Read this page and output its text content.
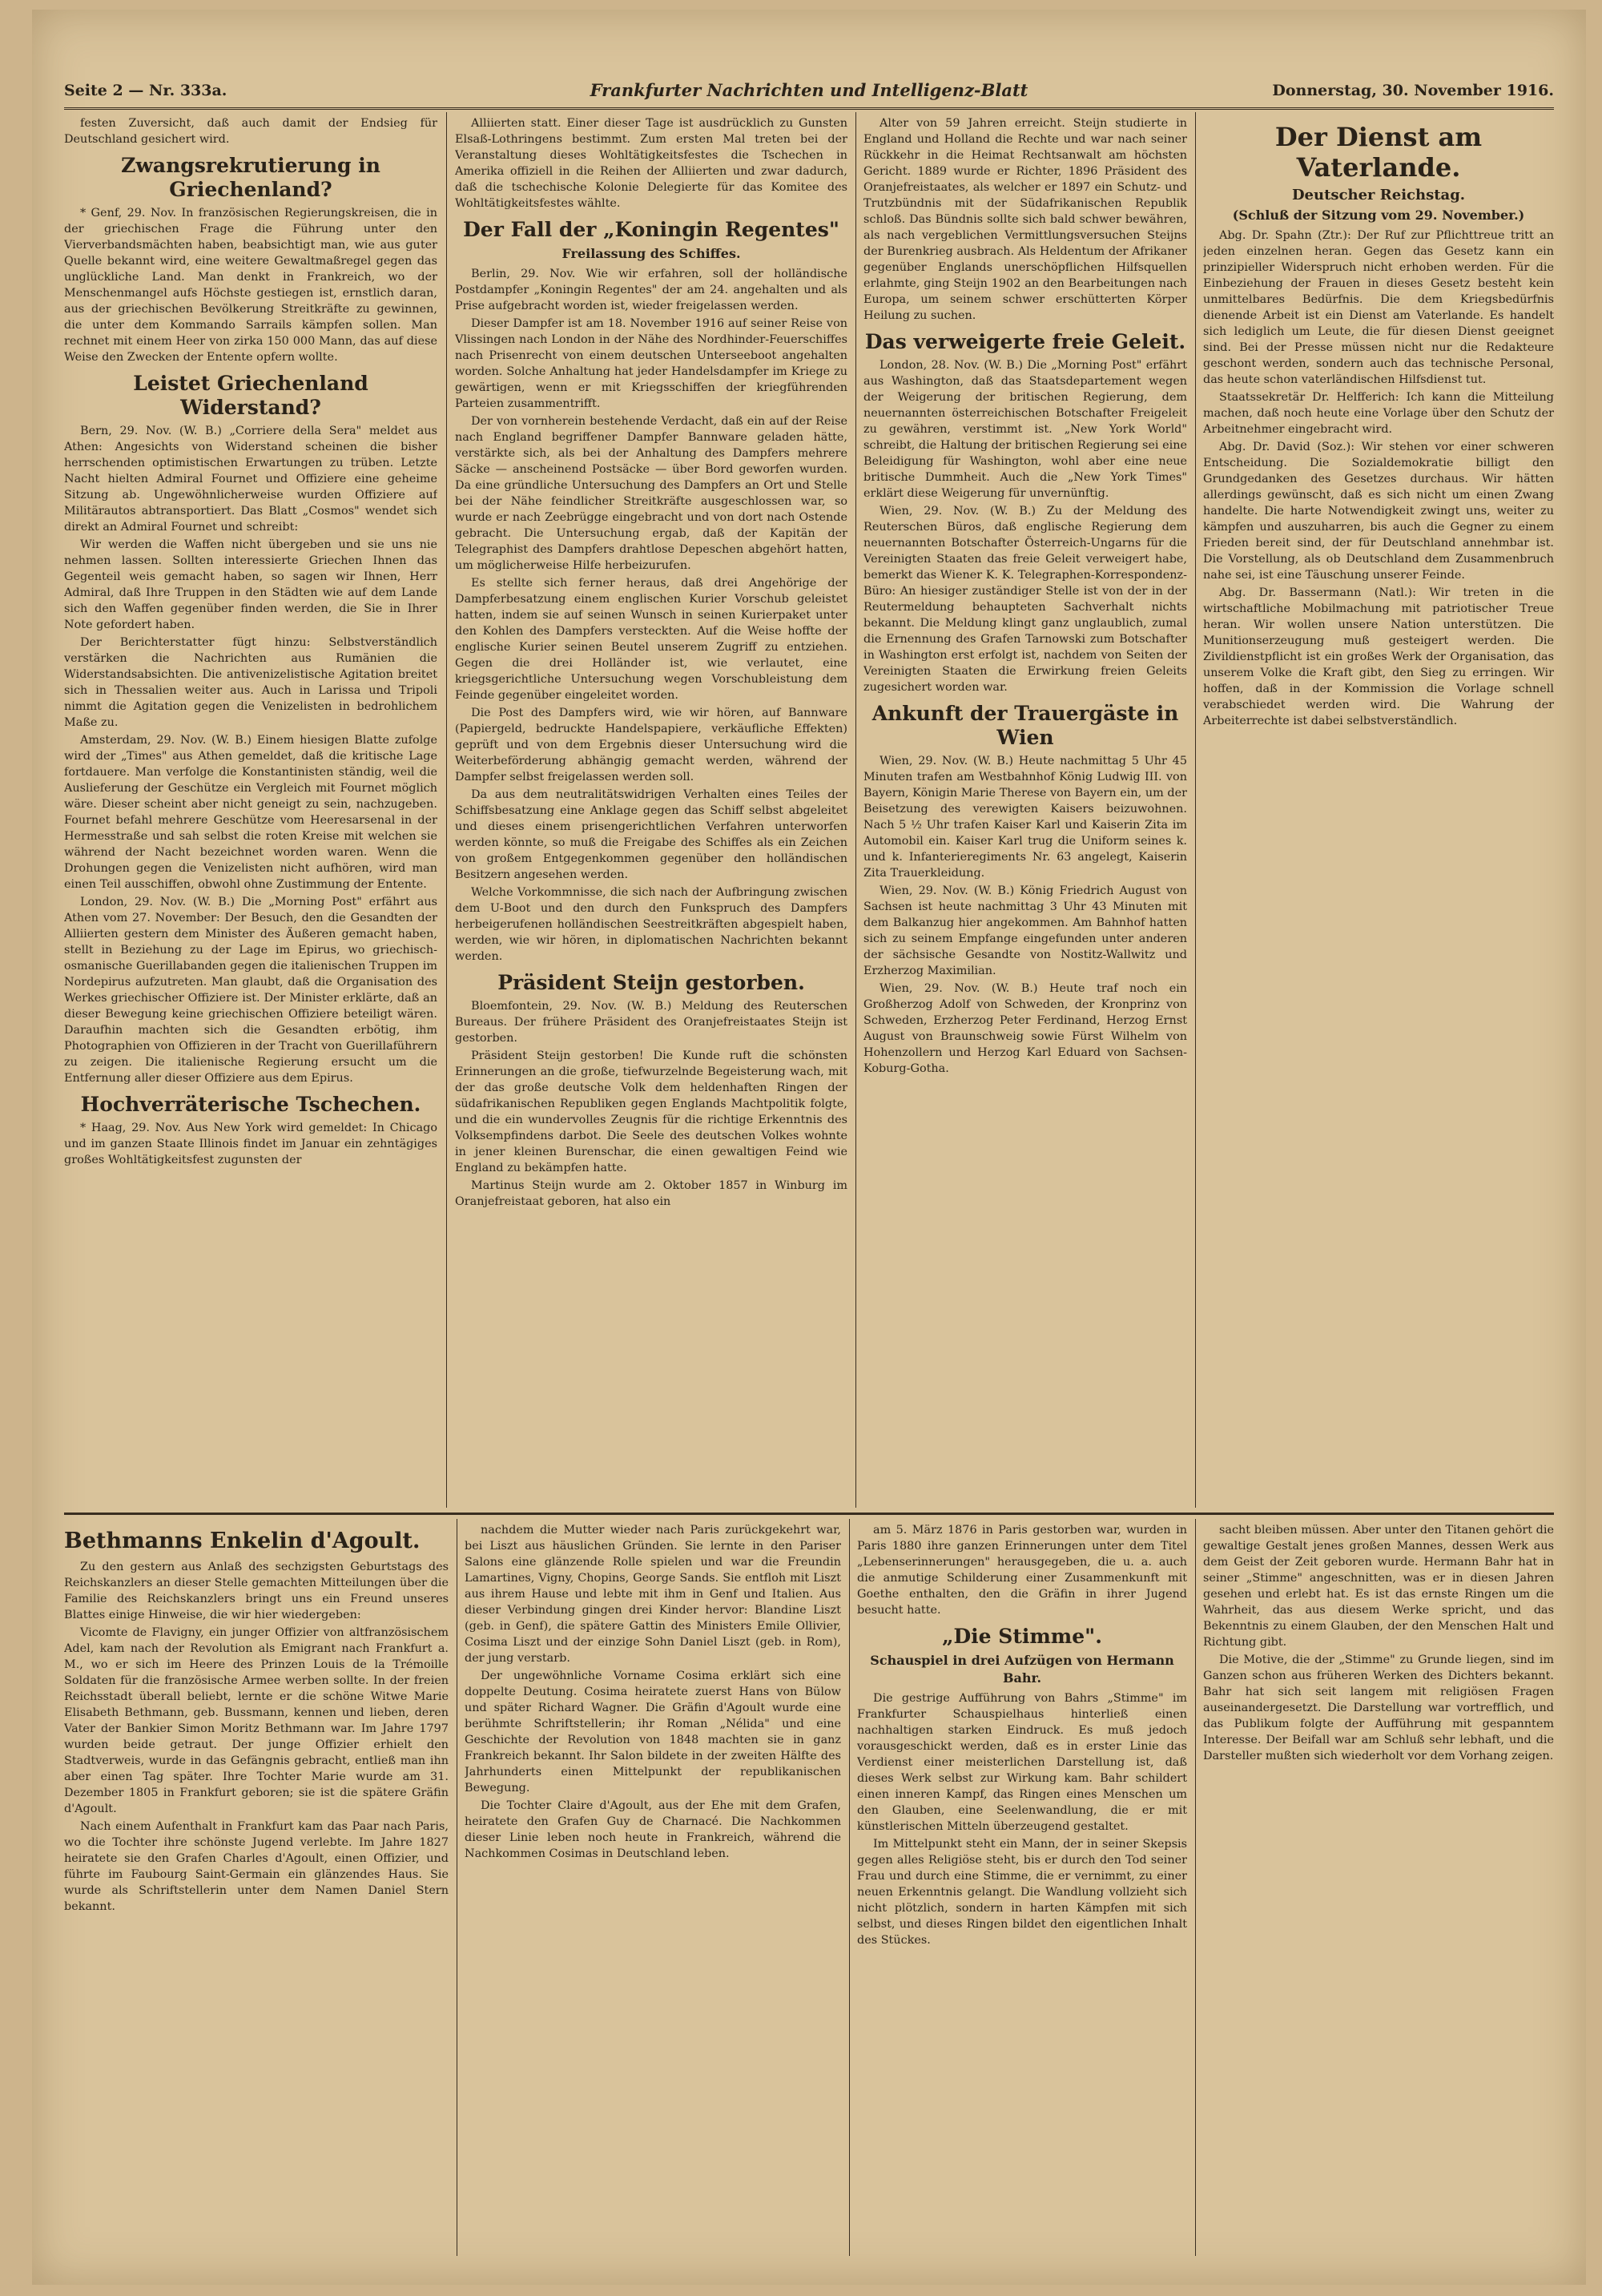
Seite 2 — Nr. 333a.	Frankfurter Nachrichten und Intelligenz-Blatt	Donnerstag, 30. November 1916.

festen Zuversicht, daß auch damit der Endsieg für Deutschland gesichert wird.

Zwangsrekrutierung in Griechenland?

* Genf, 29. Nov. In französischen Regierungskreisen, die in der griechischen Frage die Führung unter den Vierverbandsmächten haben, beabsichtigt man, wie aus guter Quelle bekannt wird, eine weitere Gewaltmaßregel gegen das unglückliche Land. Man denkt in Frankreich, wo der Menschenmangel aufs Höchste gestiegen ist, ernstlich daran, aus der griechischen Bevölkerung Streitkräfte zu gewinnen, die unter dem Kommando Sarrails kämpfen sollen. Man rechnet mit einem Heer von zirka 150 000 Mann, das auf diese Weise den Zwecken der Entente opfern wollte.

Leistet Griechenland Widerstand?

Bern, 29. Nov. (W. B.) „Corriere della Sera" meldet aus Athen: Angesichts von Widerstand scheinen die bisher herrschenden optimistischen Erwartungen zu trüben. Letzte Nacht hielten Admiral Fournet und Offiziere eine geheime Sitzung ab. Ungewöhnlicherweise wurden Offiziere auf Militärautos abtransportiert. Das Blatt „Cosmos" wendet sich direkt an Admiral Fournet und schreibt:

Wir werden die Waffen nicht übergeben und sie uns nie nehmen lassen. Sollten interessierte Griechen Ihnen das Gegenteil weis gemacht haben, so sagen wir Ihnen, Herr Admiral, daß Ihre Truppen in den Städten wie auf dem Lande sich den Waffen gegenüber finden werden, die Sie in Ihrer Note gefordert haben.

Der Berichterstatter fügt hinzu: Selbstverständlich verstärken die Nachrichten aus Rumänien die Widerstandsabsichten. Die antivenizelistische Agitation breitet sich in Thessalien weiter aus. Auch in Larissa und Tripoli nimmt die Agitation gegen die Venizelisten in bedrohlichem Maße zu.

Amsterdam, 29. Nov. (W. B.) Einem hiesigen Blatte zufolge wird der „Times" aus Athen gemeldet, daß die kritische Lage fortdauere. Man verfolge die Konstantinisten ständig, weil die Auslieferung der Geschütze ein Vergleich mit Fournet möglich wäre. Dieser scheint aber nicht geneigt zu sein, nachzugeben. Fournet befahl mehrere Geschütze vom Heeresarsenal in der Hermesstraße und sah selbst die roten Kreise mit welchen sie während der Nacht bezeichnet worden waren. Wenn die Drohungen gegen die Venizelisten nicht aufhören, wird man einen Teil ausschiffen, obwohl ohne Zustimmung der Entente.

London, 29. Nov. (W. B.) Die „Morning Post" erfährt aus Athen vom 27. November: Der Besuch, den die Gesandten der Alliierten gestern dem Minister des Äußeren gemacht haben, stellt in Beziehung zu der Lage im Epirus, wo griechisch-osmanische Guerillabanden gegen die italienischen Truppen im Nordepirus aufzutreten. Man glaubt, daß die Organisation des Werkes griechischer Offiziere ist. Der Minister erklärte, daß an dieser Bewegung keine griechischen Offiziere beteiligt wären. Daraufhin machten sich die Gesandten erbötig, ihm Photographien von Offizieren in der Tracht von Guerillaführern zu zeigen. Die italienische Regierung ersucht um die Entfernung aller dieser Offiziere aus dem Epirus.

Hochverräterische Tschechen.

* Haag, 29. Nov. Aus New York wird gemeldet: In Chicago und im ganzen Staate Illinois findet im Januar ein zehntägiges großes Wohltätigkeitsfest zugunsten der

Alliierten statt. Einer dieser Tage ist ausdrücklich zu Gunsten Elsaß-Lothringens bestimmt. Zum ersten Mal treten bei der Veranstaltung dieses Wohltätigkeitsfestes die Tschechen in Amerika offiziell in die Reihen der Alliierten und zwar dadurch, daß die tschechische Kolonie Delegierte für das Komitee des Wohltätigkeitsfestes wählte.

Der Fall der „Koningin Regentes"
Freilassung des Schiffes.

Berlin, 29. Nov. Wie wir erfahren, soll der holländische Postdampfer „Koningin Regentes" der am 24. angehalten und als Prise aufgebracht worden ist, wieder freigelassen werden.

Dieser Dampfer ist am 18. November 1916 auf seiner Reise von Vlissingen nach London in der Nähe des Nordhinder-Feuerschiffes nach Prisenrecht von einem deutschen Unterseeboot angehalten worden. Solche Anhaltung hat jeder Handelsdampfer im Kriege zu gewärtigen, wenn er mit Kriegsschiffen der kriegführenden Parteien zusammentrifft.

Der von vornherein bestehende Verdacht, daß ein auf der Reise nach England begriffener Dampfer Bannware geladen hätte, verstärkte sich, als bei der Anhaltung des Dampfers mehrere Säcke — anscheinend Postsäcke — über Bord geworfen wurden. Da eine gründliche Untersuchung des Dampfers an Ort und Stelle bei der Nähe feindlicher Streitkräfte ausgeschlossen war, so wurde er nach Zeebrügge eingebracht und von dort nach Ostende gebracht. Die Untersuchung ergab, daß der Kapitän der Telegraphist des Dampfers drahtlose Depeschen abgehört hatten, um möglicherweise Hilfe herbeizurufen.

Es stellte sich ferner heraus, daß drei Angehörige der Dampferbesatzung einem englischen Kurier Vorschub geleistet hatten, indem sie auf seinen Wunsch in seinen Kurierpaket unter den Kohlen des Dampfers versteckten. Auf die Weise hoffte der englische Kurier seinen Beutel unserem Zugriff zu entziehen. Gegen die drei Holländer ist, wie verlautet, eine kriegsgerichtliche Untersuchung wegen Vorschubleistung dem Feinde gegenüber eingeleitet worden.

Die Post des Dampfers wird, wie wir hören, auf Bannware (Papiergeld, bedruckte Handelspapiere, verkäufliche Effekten) geprüft und von dem Ergebnis dieser Untersuchung wird die Weiterbeförderung abhängig gemacht werden, während der Dampfer selbst freigelassen werden soll.

Da aus dem neutralitätswidrigen Verhalten eines Teiles der Schiffsbesatzung eine Anklage gegen das Schiff selbst abgeleitet und dieses einem prisengerichtlichen Verfahren unterworfen werden könnte, so muß die Freigabe des Schiffes als ein Zeichen von großem Entgegenkommen gegenüber den holländischen Besitzern angesehen werden.

Welche Vorkommnisse, die sich nach der Aufbringung zwischen dem U-Boot und den durch den Funkspruch des Dampfers herbeigerufenen holländischen Seestreitkräften abgespielt haben, werden, wie wir hören, in diplomatischen Nachrichten bekannt werden.

Präsident Steijn gestorben.

Bloemfontein, 29. Nov. (W. B.) Meldung des Reuterschen Bureaus. Der frühere Präsident des Oranjefreistaates Steijn ist gestorben.

Präsident Steijn gestorben! Die Kunde ruft die schönsten Erinnerungen an die große, tiefwurzelnde Begeisterung wach, mit der das große deutsche Volk dem heldenhaften Ringen der südafrikanischen Republiken gegen Englands Machtpolitik folgte, und die ein wundervolles Zeugnis für die richtige Erkenntnis des Volksempfindens darbot. Die Seele des deutschen Volkes wohnte in jener kleinen Burenschar, die einen gewaltigen Feind wie England zu bekämpfen hatte.

Martinus Steijn wurde am 2. Oktober 1857 in Winburg im Oranjefreistaat geboren, hat also ein

Alter von 59 Jahren erreicht. Steijn studierte in England und Holland die Rechte und war nach seiner Rückkehr in die Heimat Rechtsanwalt am höchsten Gericht. 1889 wurde er Richter, 1896 Präsident des Oranjefreistaates, als welcher er 1897 ein Schutz- und Trutzbündnis mit der Südafrikanischen Republik schloß. Das Bündnis sollte sich bald schwer bewähren, als nach vergeblichen Vermittlungsversuchen Steijns der Burenkrieg ausbrach. Als Heldentum der Afrikaner gegenüber Englands unerschöpflichen Hilfsquellen erlahmte, ging Steijn 1902 an den Bearbeitungen nach Europa, um seinem schwer erschütterten Körper Heilung zu suchen.

Das verweigerte freie Geleit.

London, 28. Nov. (W. B.) Die „Morning Post" erfährt aus Washington, daß das Staatsdepartement wegen der Weigerung der britischen Regierung, dem neuernannten österreichischen Botschafter Freigeleit zu gewähren, verstimmt ist. „New York World" schreibt, die Haltung der britischen Regierung sei eine Beleidigung für Washington, wohl aber eine neue britische Dummheit. Auch die „New York Times" erklärt diese Weigerung für unvernünftig.

Wien, 29. Nov. (W. B.) Zu der Meldung des Reuterschen Büros, daß englische Regierung dem neuernannten Botschafter Österreich-Ungarns für die Vereinigten Staaten das freie Geleit verweigert habe, bemerkt das Wiener K. K. Telegraphen-Korrespondenz-Büro: An hiesiger zuständiger Stelle ist von der in der Reutermeldung behaupteten Sachverhalt nichts bekannt. Die Meldung klingt ganz unglaublich, zumal die Ernennung des Grafen Tarnowski zum Botschafter in Washington erst erfolgt ist, nachdem von Seiten der Vereinigten Staaten die Erwirkung freien Geleits zugesichert worden war.

Ankunft der Trauergäste in Wien

Wien, 29. Nov. (W. B.) Heute nachmittag 5 Uhr 45 Minuten trafen am Westbahnhof König Ludwig III. von Bayern, Königin Marie Therese von Bayern ein, um der Beisetzung des verewigten Kaisers beizuwohnen. Nach 5 ½ Uhr trafen Kaiser Karl und Kaiserin Zita im Automobil ein. Kaiser Karl trug die Uniform seines k. und k. Infanterieregiments Nr. 63 angelegt, Kaiserin Zita Trauerkleidung.

Wien, 29. Nov. (W. B.) König Friedrich August von Sachsen ist heute nachmittag 3 Uhr 43 Minuten mit dem Balkanzug hier angekommen. Am Bahnhof hatten sich zu seinem Empfange eingefunden unter anderen der sächsische Gesandte von Nostitz-Wallwitz und Erzherzog Maximilian.

Wien, 29. Nov. (W. B.) Heute traf noch ein Großherzog Adolf von Schweden, der Kronprinz von Schweden, Erzherzog Peter Ferdinand, Herzog Ernst August von Braunschweig sowie Fürst Wilhelm von Hohenzollern und Herzog Karl Eduard von Sachsen-Koburg-Gotha.

Der Dienst am Vaterlande.
Deutscher Reichstag.
(Schluß der Sitzung vom 29. November.)

Abg. Dr. Spahn (Ztr.): Der Ruf zur Pflichttreue tritt an jeden einzelnen heran. Gegen das Gesetz kann ein prinzipieller Widerspruch nicht erhoben werden. Für die Einbeziehung der Frauen in dieses Gesetz besteht kein unmittelbares Bedürfnis. Die dem Kriegsbedürfnis dienende Arbeit ist ein Dienst am Vaterlande. Es handelt sich lediglich um Leute, die für diesen Dienst geeignet sind. Bei der Presse müssen nicht nur die Redakteure geschont werden, sondern auch das technische Personal, das heute schon vaterländischen Hilfsdienst tut.

Staatssekretär Dr. Helfferich: Ich kann die Mitteilung machen, daß noch heute eine Vorlage über den Schutz der Arbeitnehmer eingebracht wird.

Abg. Dr. David (Soz.): Wir stehen vor einer schweren Entscheidung. Die Sozialdemokratie billigt den Grundgedanken des Gesetzes durchaus. Wir hätten allerdings gewünscht, daß es sich nicht um einen Zwang handelte. Die harte Notwendigkeit zwingt uns, weiter zu kämpfen und auszuharren, bis auch die Gegner zu einem Frieden bereit sind, der für Deutschland annehmbar ist. Die Vorstellung, als ob Deutschland dem Zusammenbruch nahe sei, ist eine Täuschung unserer Feinde.

Abg. Dr. Bassermann (Natl.): Wir treten in die wirtschaftliche Mobilmachung mit patriotischer Treue heran. Wir wollen unsere Nation unterstützen. Die Munitionserzeugung muß gesteigert werden. Die Zivildienstpflicht ist ein großes Werk der Organisation, das unserem Volke die Kraft gibt, den Sieg zu erringen. Wir hoffen, daß in der Kommission die Vorlage schnell verabschiedet werden wird. Die Wahrung der Arbeiterrechte ist dabei selbstverständlich.

Bethmanns Enkelin d'Agoult.

Zu den gestern aus Anlaß des sechzigsten Geburtstags des Reichskanzlers an dieser Stelle gemachten Mitteilungen über die Familie des Reichskanzlers bringt uns ein Freund unseres Blattes einige Hinweise, die wir hier wiedergeben:

Vicomte de Flavigny, ein junger Offizier von altfranzösischem Adel, kam nach der Revolution als Emigrant nach Frankfurt a. M., wo er sich im Heere des Prinzen Louis de la Trémoille Soldaten für die französische Armee werben sollte. In der freien Reichsstadt überall beliebt, lernte er die schöne Witwe Marie Elisabeth Bethmann, geb. Bussmann, kennen und lieben, deren Vater der Bankier Simon Moritz Bethmann war. Im Jahre 1797 wurden beide getraut. Der junge Offizier erhielt den Stadtverweis, wurde in das Gefängnis gebracht, entließ man ihn aber einen Tag später. Ihre Tochter Marie wurde am 31. Dezember 1805 in Frankfurt geboren; sie ist die spätere Gräfin d'Agoult.

Nach einem Aufenthalt in Frankfurt kam das Paar nach Paris, wo die Tochter ihre schönste Jugend verlebte. Im Jahre 1827 heiratete sie den Grafen Charles d'Agoult, einen Offizier, und führte im Faubourg Saint-Germain ein glänzendes Haus. Sie wurde als Schriftstellerin unter dem Namen Daniel Stern bekannt.

nachdem die Mutter wieder nach Paris zurückgekehrt war, bei Liszt aus häuslichen Gründen. Sie lernte in den Pariser Salons eine glänzende Rolle spielen und war die Freundin Lamartines, Vigny, Chopins, George Sands. Sie entfloh mit Liszt aus ihrem Hause und lebte mit ihm in Genf und Italien. Aus dieser Verbindung gingen drei Kinder hervor: Blandine Liszt (geb. in Genf), die spätere Gattin des Ministers Emile Ollivier, Cosima Liszt und der einzige Sohn Daniel Liszt (geb. in Rom), der jung verstarb.

Der ungewöhnliche Vorname Cosima erklärt sich eine doppelte Deutung. Cosima heiratete zuerst Hans von Bülow und später Richard Wagner. Die Gräfin d'Agoult wurde eine berühmte Schriftstellerin; ihr Roman „Nélida" und eine Geschichte der Revolution von 1848 machten sie in ganz Frankreich bekannt. Ihr Salon bildete in der zweiten Hälfte des Jahrhunderts einen Mittelpunkt der republikanischen Bewegung.

Die Tochter Claire d'Agoult, aus der Ehe mit dem Grafen, heiratete den Grafen Guy de Charnacé. Die Nachkommen dieser Linie leben noch heute in Frankreich, während die Nachkommen Cosimas in Deutschland leben.

am 5. März 1876 in Paris gestorben war, wurden in Paris 1880 ihre ganzen Erinnerungen unter dem Titel „Lebenserinnerungen" herausgegeben, die u. a. auch die anmutige Schilderung einer Zusammenkunft mit Goethe enthalten, den die Gräfin in ihrer Jugend besucht hatte.

„Die Stimme".
Schauspiel in drei Aufzügen von Hermann Bahr.

Die gestrige Aufführung von Bahrs „Stimme" im Frankfurter Schauspielhaus hinterließ einen nachhaltigen starken Eindruck. Es muß jedoch vorausgeschickt werden, daß es in erster Linie das Verdienst einer meisterlichen Darstellung ist, daß dieses Werk selbst zur Wirkung kam. Bahr schildert einen inneren Kampf, das Ringen eines Menschen um den Glauben, eine Seelenwandlung, die er mit künstlerischen Mitteln überzeugend gestaltet.

Im Mittelpunkt steht ein Mann, der in seiner Skepsis gegen alles Religiöse steht, bis er durch den Tod seiner Frau und durch eine Stimme, die er vernimmt, zu einer neuen Erkenntnis gelangt. Die Wandlung vollzieht sich nicht plötzlich, sondern in harten Kämpfen mit sich selbst, und dieses Ringen bildet den eigentlichen Inhalt des Stückes.

sacht bleiben müssen. Aber unter den Titanen gehört die gewaltige Gestalt jenes großen Mannes, dessen Werk aus dem Geist der Zeit geboren wurde. Hermann Bahr hat in seiner „Stimme" angeschnitten, was er in diesen Jahren gesehen und erlebt hat. Es ist das ernste Ringen um die Wahrheit, das aus diesem Werke spricht, und das Bekenntnis zu einem Glauben, der den Menschen Halt und Richtung gibt.

Die Motive, die der „Stimme" zu Grunde liegen, sind im Ganzen schon aus früheren Werken des Dichters bekannt. Bahr hat sich seit langem mit religiösen Fragen auseinandergesetzt. Die Darstellung war vortrefflich, und das Publikum folgte der Aufführung mit gespanntem Interesse. Der Beifall war am Schluß sehr lebhaft, und die Darsteller mußten sich wiederholt vor dem Vorhang zeigen.
